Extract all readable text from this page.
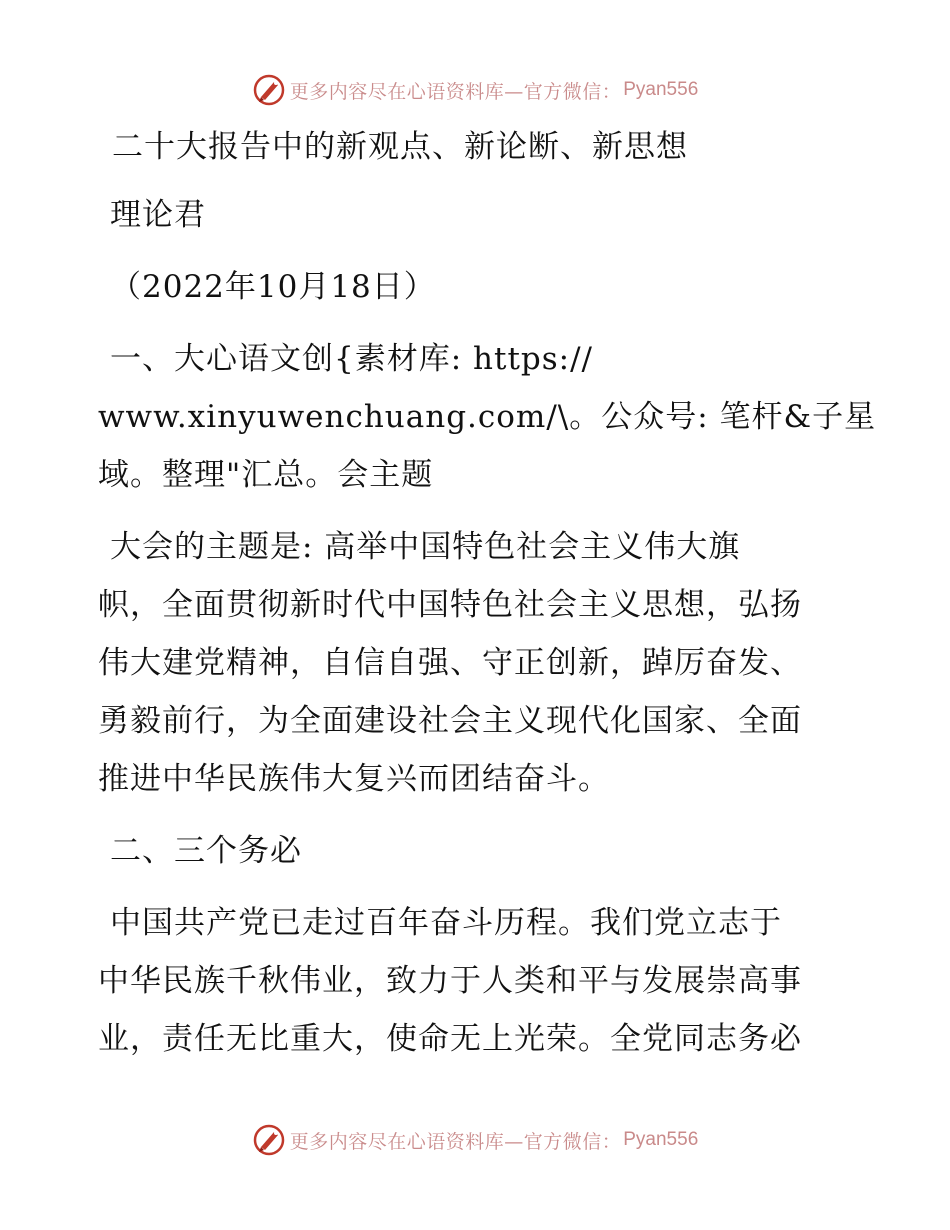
更多内容尽在心语资料库—官方微信： Pyan556
二十大报告中的新观点、新论断、新思想
理论君
（2022年10月18日）
一、大心语文创{素材库: https://
www.xinyuwenchuang.com/\。公众号: 笔杆&子星
域。整理"汇总。会主题
大会的主题是: 高举中国特色社会主义伟大旗
帜，全面贯彻新时代中国特色社会主义思想，弘扬
伟大建党精神，自信自强、守正创新，踔厉奋发、
勇毅前行，为全面建设社会主义现代化国家、全面
推进中华民族伟大复兴而团结奋斗。
二、三个务必
中国共产党已走过百年奋斗历程。我们党立志于
中华民族千秋伟业，致力于人类和平与发展崇高事
业，责任无比重大，使命无上光荣。全党同志务必
更多内容尽在心语资料库—官方微信： Pyan556
